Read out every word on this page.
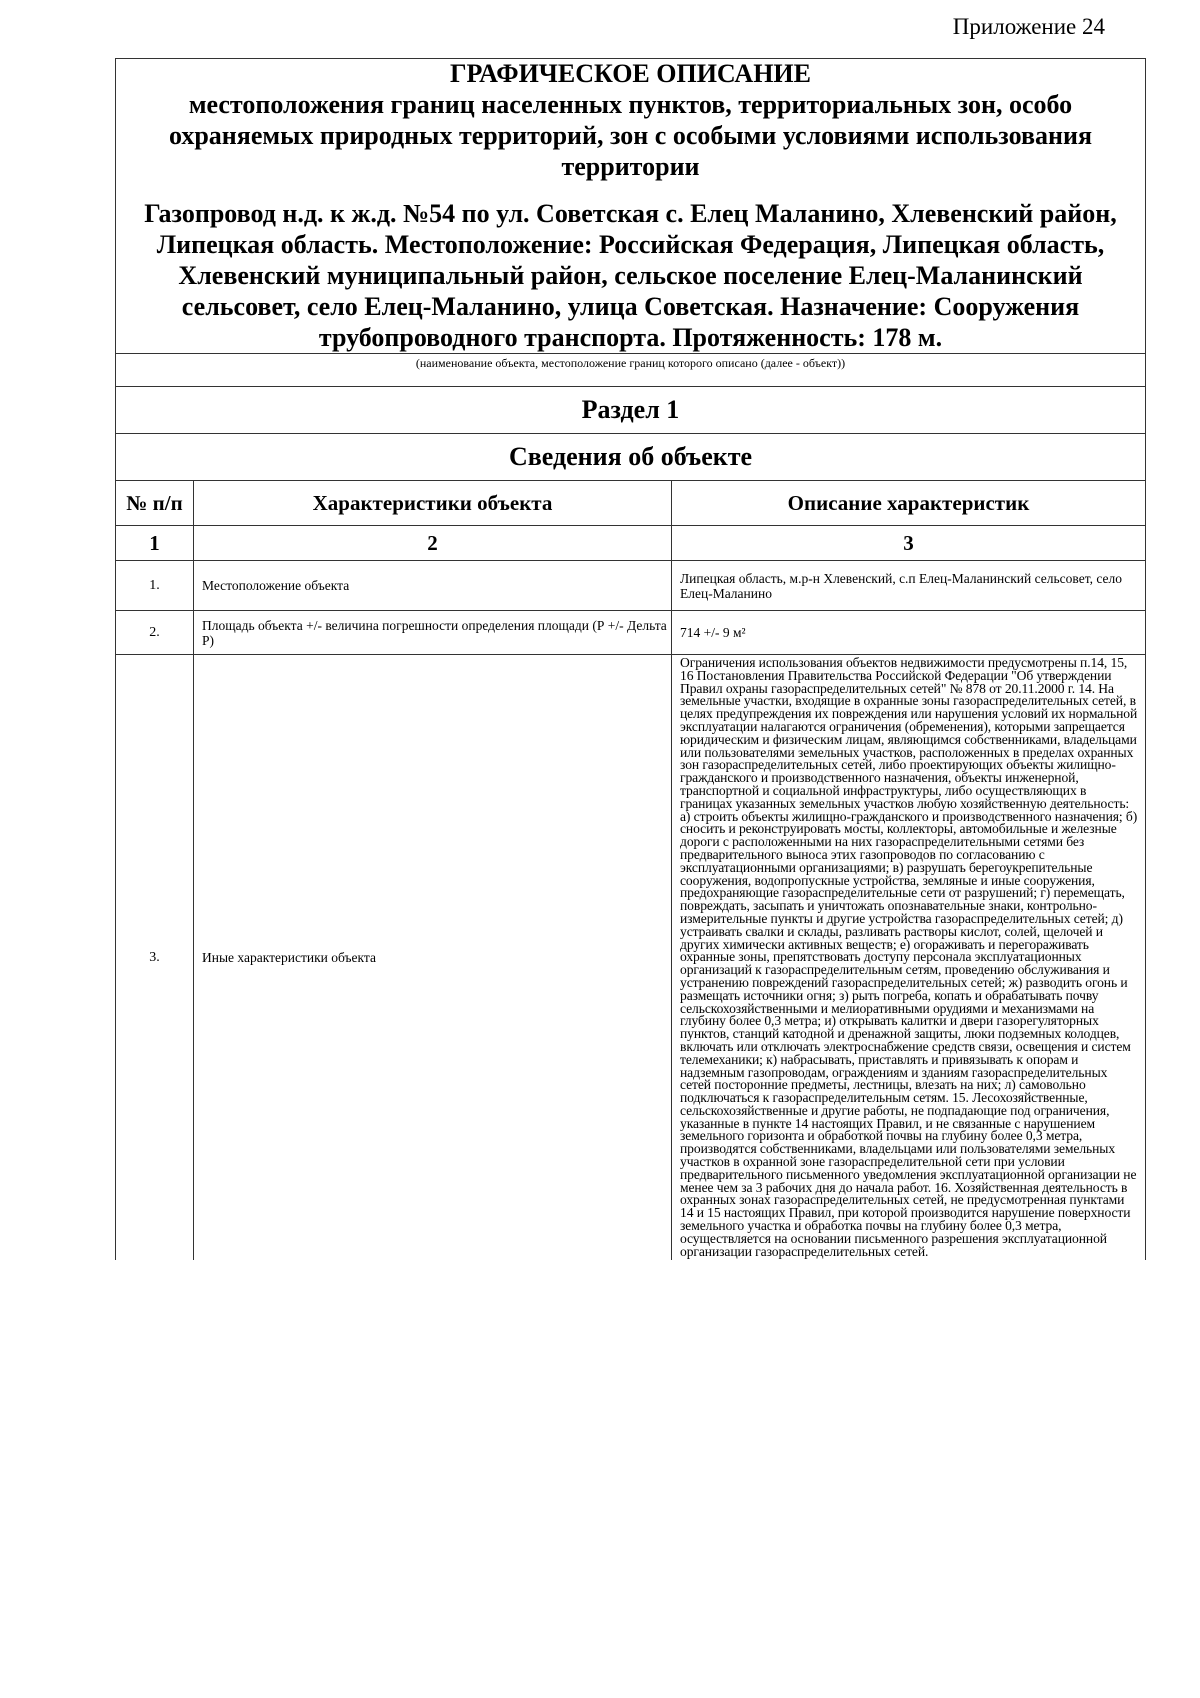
Приложение 24
ГРАФИЧЕСКОЕ ОПИСАНИЕ
местоположения границ населенных пунктов, территориальных зон, особо охраняемых природных территорий, зон с особыми условиями использования территории
Газопровод н.д. к ж.д. №54 по ул. Советская с. Елец Маланино, Хлевенский район, Липецкая область. Местоположение: Российская Федерация, Липецкая область, Хлевенский муниципальный район, сельское поселение Елец-Маланинский сельсовет, село Елец-Маланино, улица Советская. Назначение: Сооружения трубопроводного транспорта. Протяженность: 178 м.		

(наименование объекта, местоположение границ которого описано (далее - объект))		
Раздел 1		
Сведения об объекте		
№ п/п	Характеристики объекта	Описание характеристик
1	2	3
1.	Местоположение объекта	Липецкая область, м.р-н Хлевенский, с.п Елец-Маланинский сельсовет, село Елец-Маланино
2.	Площадь объекта +/- величина погрешности определения площади (Р +/- Дельта Р)	714 +/- 9 м²
3.	Иные характеристики объекта	Ограничения использования объектов недвижимости предусмотрены п.14, 15, 16 Постановления Правительства Российской Федерации "Об утверждении Правил охраны газораспределительных сетей" № 878 от 20.11.2000 г. 14. На земельные участки, входящие в охранные зоны газораспределительных сетей, в целях предупреждения их повреждения или нарушения условий их нормальной эксплуатации налагаются ограничения (обременения), которыми запрещается юридическим и физическим лицам, являющимся собственниками, владельцами или пользователями земельных участков, расположенных в пределах охранных зон газораспределительных сетей, либо проектирующих объекты жилищно-гражданского и производственного назначения, объекты инженерной, транспортной и социальной инфраструктуры, либо осуществляющих в границах указанных земельных участков любую хозяйственную деятельность: а) строить объекты жилищно-гражданского и производственного назначения; б) сносить и реконструировать мосты, коллекторы, автомобильные и железные дороги с расположенными на них газораспределительными сетями без предварительного выноса этих газопроводов по согласованию с эксплуатационными организациями; в) разрушать берегоукрепительные сооружения, водопропускные устройства, земляные и иные сооружения, предохраняющие газораспределительные сети от разрушений; г) перемещать, повреждать, засыпать и уничтожать опознавательные знаки, контрольно-измерительные пункты и другие устройства газораспределительных сетей; д) устраивать свалки и склады, разливать растворы кислот, солей, щелочей и других химически активных веществ; е) огораживать и перегораживать охранные зоны, препятствовать доступу персонала эксплуатационных организаций к газораспределительным сетям, проведению обслуживания и устранению повреждений газораспределительных сетей; ж) разводить огонь и размещать источники огня; з) рыть погреба, копать и обрабатывать почву сельскохозяйственными и мелиоративными орудиями и механизмами на глубину более 0,3 метра; и) открывать калитки и двери газорегуляторных пунктов, станций катодной и дренажной защиты, люки подземных колодцев, включать или отключать электроснабжение средств связи, освещения и систем телемеханики; к) набрасывать, приставлять и привязывать к опорам и надземным газопроводам, ограждениям и зданиям газораспределительных сетей посторонние предметы, лестницы, влезать на них; л) самовольно подключаться к газораспределительным сетям. 15. Лесохозяйственные, сельскохозяйственные и другие работы, не подпадающие под ограничения, указанные в пункте 14 настоящих Правил, и не связанные с нарушением земельного горизонта и обработкой почвы на глубину более 0,3 метра, производятся собственниками, владельцами или пользователями земельных участков в охранной зоне газораспределительной сети при условии предварительного письменного уведомления эксплуатационной организации не менее чем за 3 рабочих дня до начала работ. 16. Хозяйственная деятельность в охранных зонах газораспределительных сетей, не предусмотренная пунктами 14 и 15 настоящих Правил, при которой производится нарушение поверхности земельного участка и обработка почвы на глубину более 0,3 метра, осуществляется на основании письменного разрешения эксплуатационной организации газораспределительных сетей.
